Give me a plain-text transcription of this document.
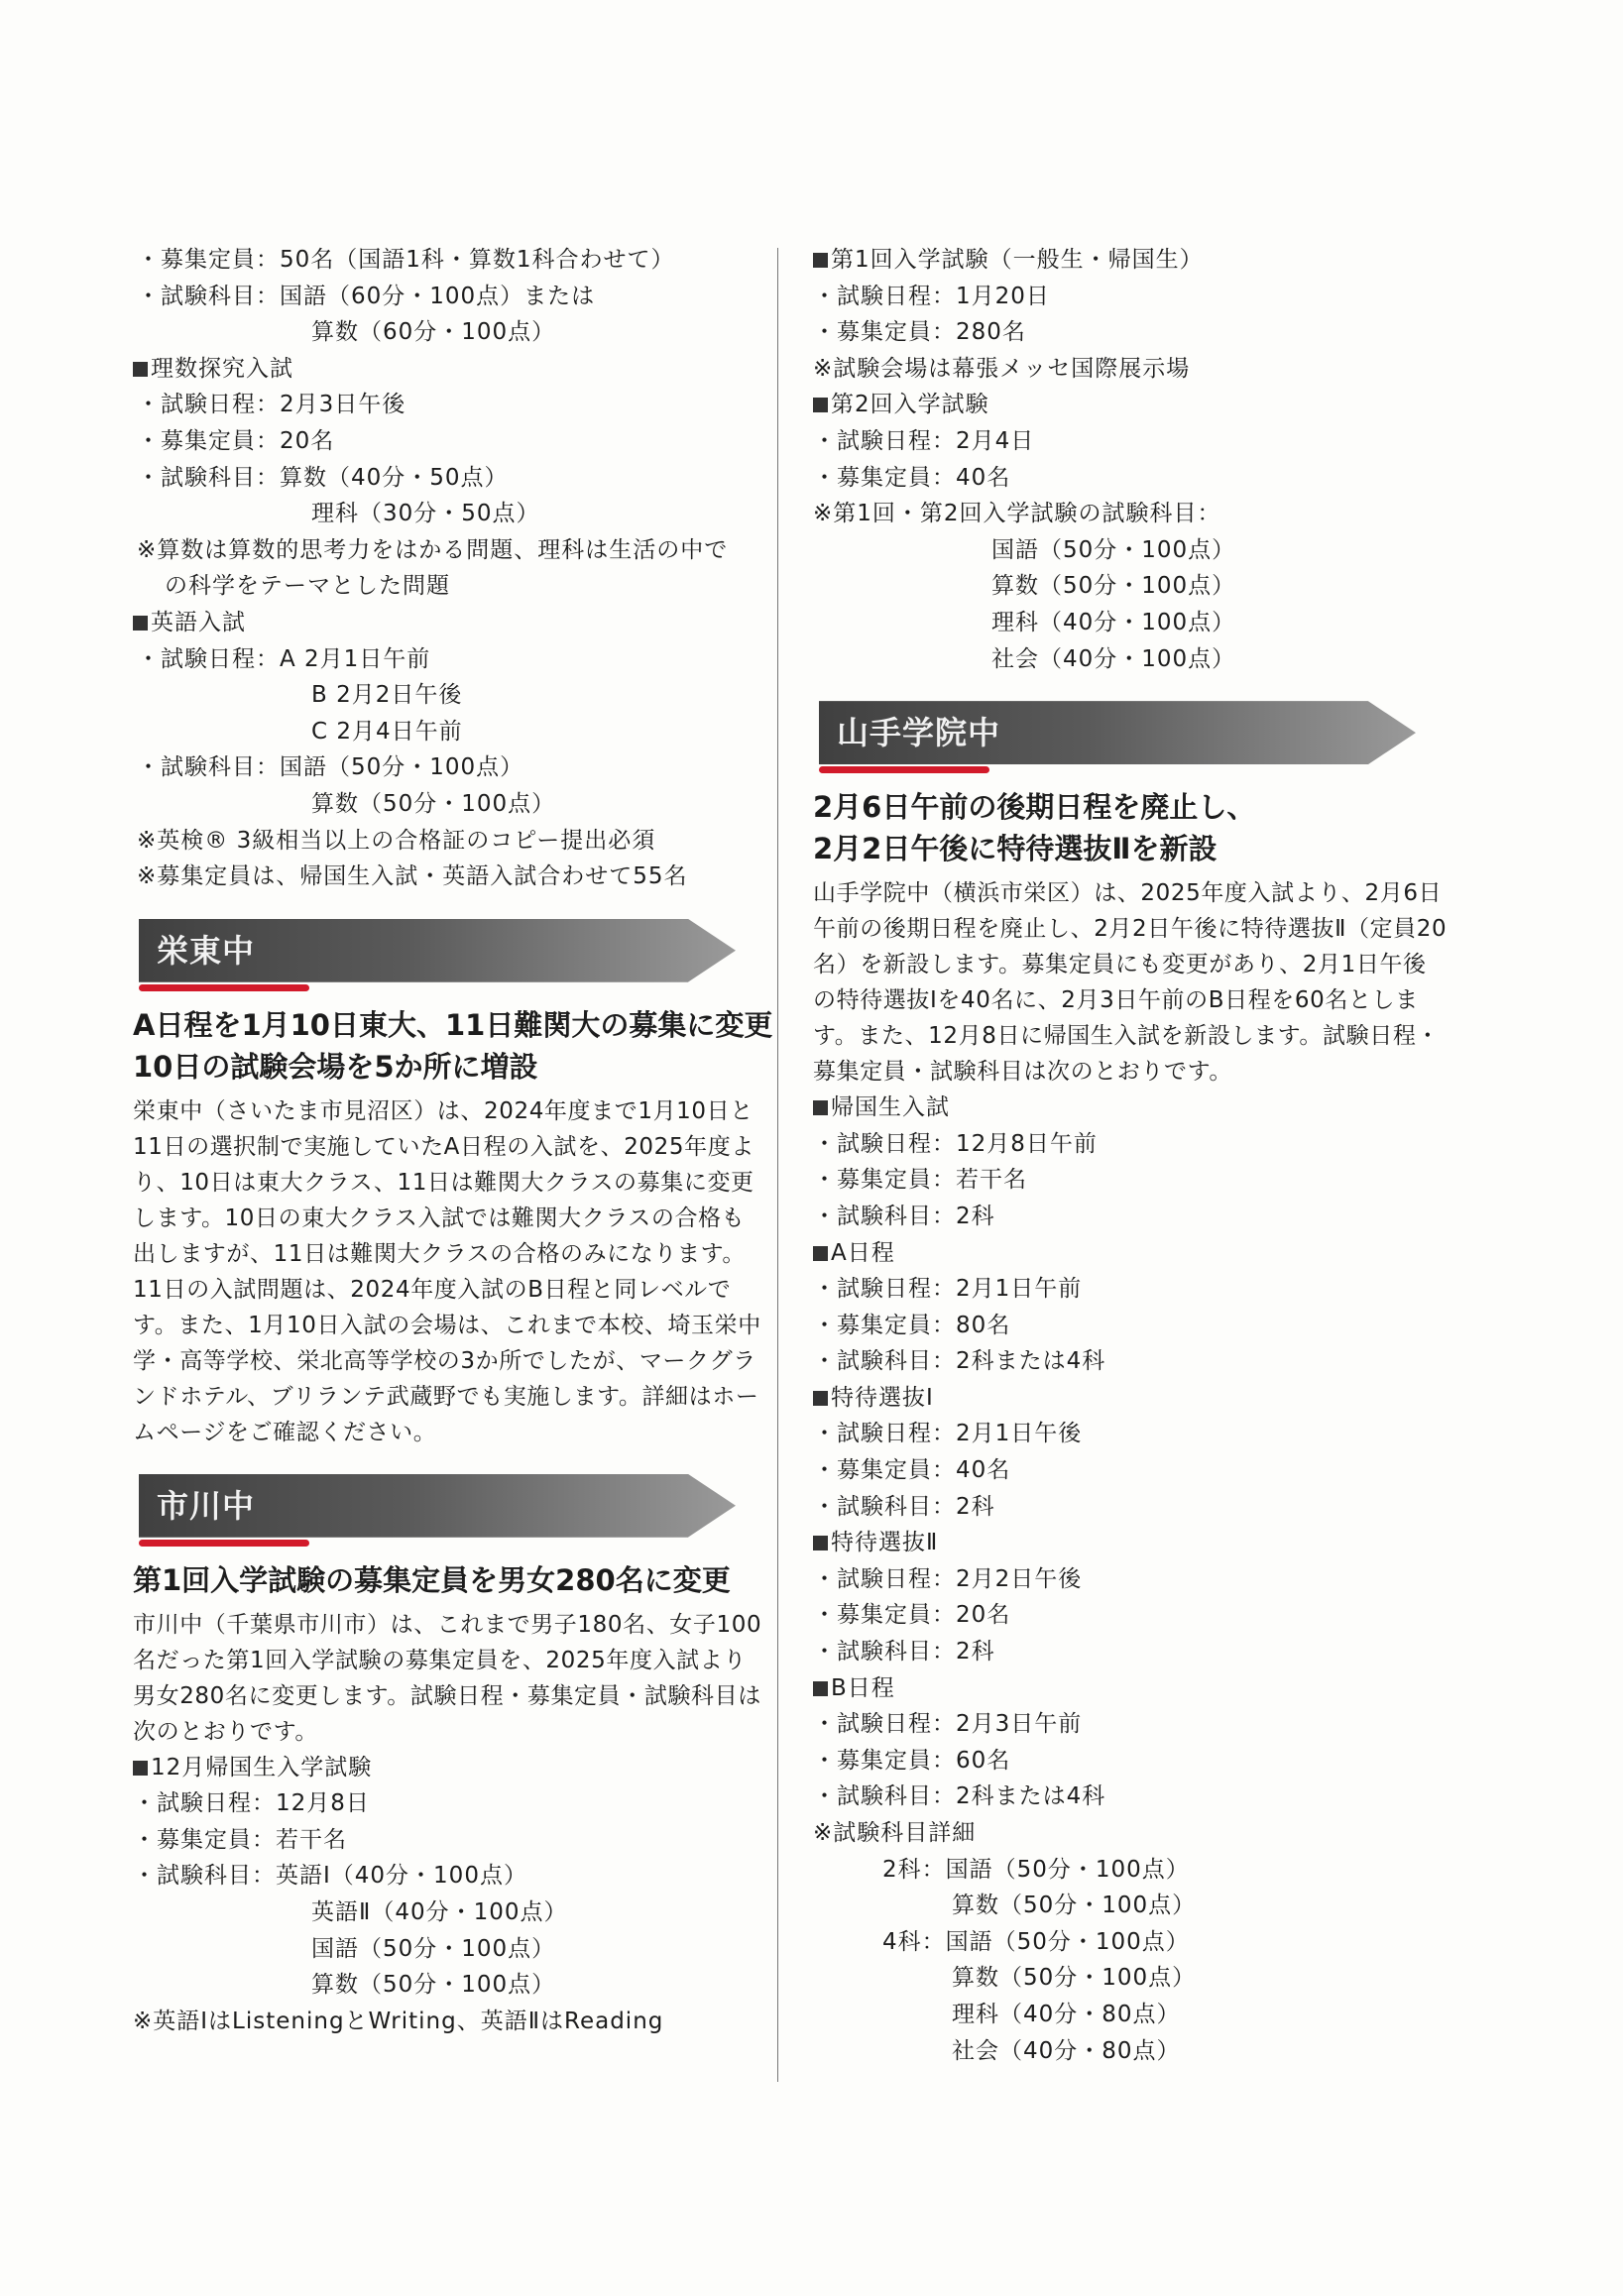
・募集定員：50名（国語1科・算数1科合わせて）
・試験科目：国語（60分・100点）または
算数（60分・100点）
理数探究入試
・試験日程：2月3日午後
・募集定員：20名
・試験科目：算数（40分・50点）
理科（30分・50点）
※算数は算数的思考力をはかる問題、理科は生活の中で
の科学をテーマとした問題
英語入試
・試験日程：A 2月1日午前
B 2月2日午後
C 2月4日午前
・試験科目：国語（50分・100点）
算数（50分・100点）
※英検® 3級相当以上の合格証のコピー提出必須
※募集定員は、帰国生入試・英語入試合わせて55名
栄東中
A日程を1月10日東大、11日難関大の募集に変更
10日の試験会場を5か所に増設
栄東中（さいたま市見沼区）は、2024年度まで1月10日と11日の選択制で実施していたA日程の入試を、2025年度より、10日は東大クラス、11日は難関大クラスの募集に変更します。10日の東大クラス入試では難関大クラスの合格も出しますが、11日は難関大クラスの合格のみになります。11日の入試問題は、2024年度入試のB日程と同レベルです。また、1月10日入試の会場は、これまで本校、埼玉栄中学・高等学校、栄北高等学校の3か所でしたが、マークグランドホテル、ブリランテ武蔵野でも実施します。詳細はホームページをご確認ください。
市川中
第1回入学試験の募集定員を男女280名に変更
市川中（千葉県市川市）は、これまで男子180名、女子100名だった第1回入学試験の募集定員を、2025年度入試より男女280名に変更します。試験日程・募集定員・試験科目は次のとおりです。
12月帰国生入学試験
・試験日程：12月8日
・募集定員：若干名
・試験科目：英語Ⅰ（40分・100点）
英語Ⅱ（40分・100点）
国語（50分・100点）
算数（50分・100点）
※英語ⅠはListeningとWriting、英語ⅡはReading
第1回入学試験（一般生・帰国生）
・試験日程：1月20日
・募集定員：280名
※試験会場は幕張メッセ国際展示場
第2回入学試験
・試験日程：2月4日
・募集定員：40名
※第1回・第2回入学試験の試験科目：
国語（50分・100点）
算数（50分・100点）
理科（40分・100点）
社会（40分・100点）
山手学院中
2月6日午前の後期日程を廃止し、
2月2日午後に特待選抜Ⅱを新設
山手学院中（横浜市栄区）は、2025年度入試より、2月6日午前の後期日程を廃止し、2月2日午後に特待選抜Ⅱ（定員20名）を新設します。募集定員にも変更があり、2月1日午後の特待選抜Ⅰを40名に、2月3日午前のB日程を60名とします。また、12月8日に帰国生入試を新設します。試験日程・募集定員・試験科目は次のとおりです。
帰国生入試
・試験日程：12月8日午前
・募集定員：若干名
・試験科目：2科
A日程
・試験日程：2月1日午前
・募集定員：80名
・試験科目：2科または4科
特待選抜Ⅰ
・試験日程：2月1日午後
・募集定員：40名
・試験科目：2科
特待選抜Ⅱ
・試験日程：2月2日午後
・募集定員：20名
・試験科目：2科
B日程
・試験日程：2月3日午前
・募集定員：60名
・試験科目：2科または4科
※試験科目詳細
2科：国語（50分・100点）
算数（50分・100点）
4科：国語（50分・100点）
算数（50分・100点）
理科（40分・80点）
社会（40分・80点）
